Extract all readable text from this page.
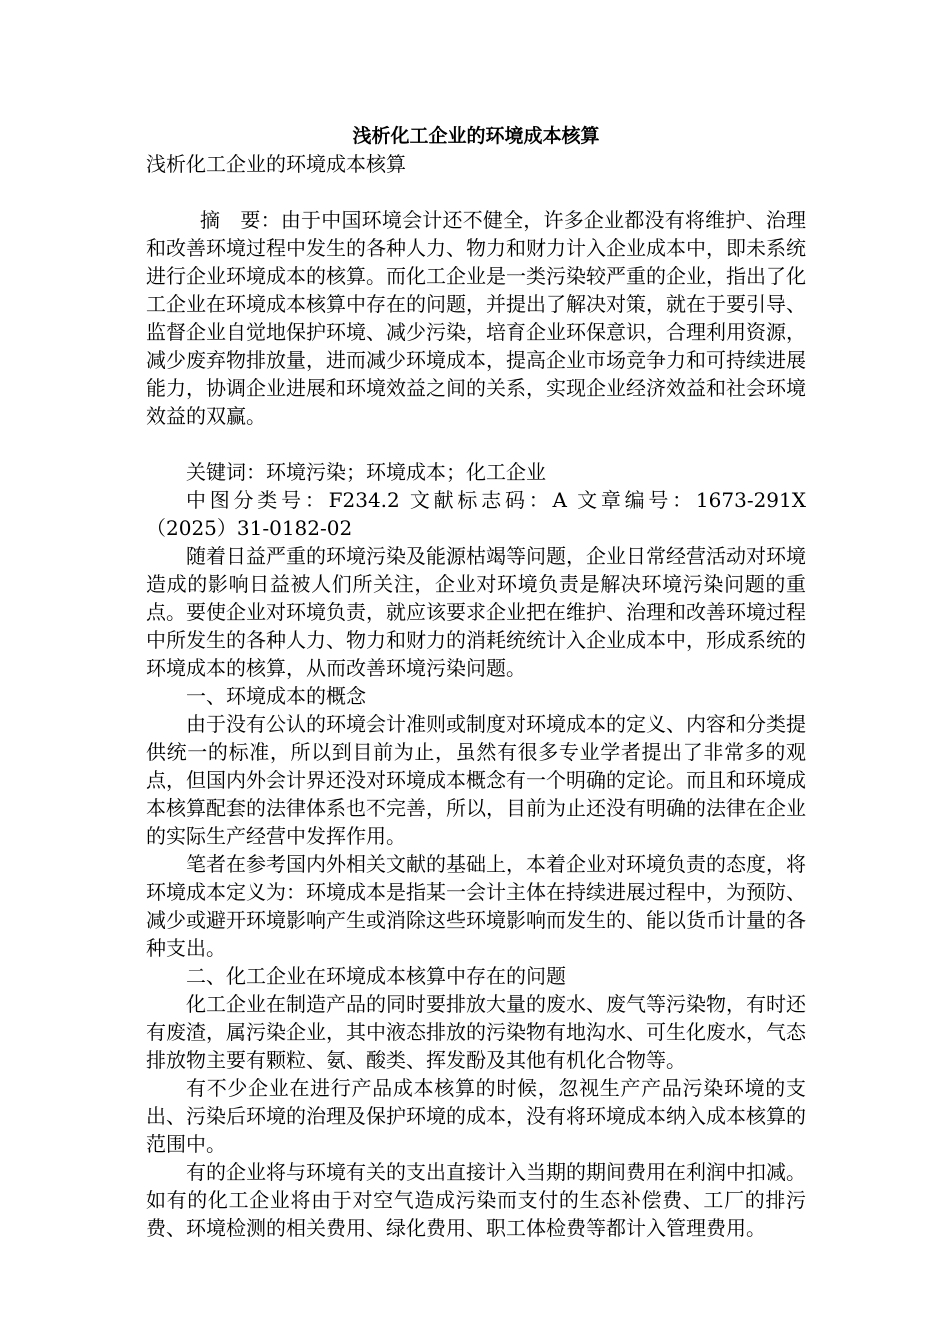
浅析化工企业的环境成本核算

浅析化工企业的环境成本核算

摘　要：由于中国环境会计还不健全，许多企业都没有将维护、治理和改善环境过程中发生的各种人力、物力和财力计入企业成本中，即未系统进行企业环境成本的核算。而化工企业是一类污染较严重的企业，指出了化工企业在环境成本核算中存在的问题，并提出了解决对策，就在于要引导、监督企业自觉地保护环境、减少污染，培育企业环保意识，合理利用资源，减少废弃物排放量，进而减少环境成本，提高企业市场竞争力和可持续进展能力，协调企业进展和环境效益之间的关系，实现企业经济效益和社会环境效益的双赢。

关键词：环境污染；环境成本；化工企业

中图分类号：F234.2 文献标志码：A 文章编号：1673-291X（2025）31-0182-02

随着日益严重的环境污染及能源枯竭等问题，企业日常经营活动对环境造成的影响日益被人们所关注，企业对环境负责是解决环境污染问题的重点。要使企业对环境负责，就应该要求企业把在维护、治理和改善环境过程中所发生的各种人力、物力和财力的消耗统统计入企业成本中，形成系统的环境成本的核算，从而改善环境污染问题。

一、环境成本的概念

由于没有公认的环境会计准则或制度对环境成本的定义、内容和分类提供统一的标准，所以到目前为止，虽然有很多专业学者提出了非常多的观点，但国内外会计界还没对环境成本概念有一个明确的定论。而且和环境成本核算配套的法律体系也不完善，所以，目前为止还没有明确的法律在企业的实际生产经营中发挥作用。

笔者在参考国内外相关文献的基础上，本着企业对环境负责的态度，将环境成本定义为：环境成本是指某一会计主体在持续进展过程中，为预防、减少或避开环境影响产生或消除这些环境影响而发生的、能以货币计量的各种支出。

二、化工企业在环境成本核算中存在的问题

化工企业在制造产品的同时要排放大量的废水、废气等污染物，有时还有废渣，属污染企业，其中液态排放的污染物有地沟水、可生化废水，气态排放物主要有颗粒、氨、酸类、挥发酚及其他有机化合物等。

有不少企业在进行产品成本核算的时候，忽视生产产品污染环境的支出、污染后环境的治理及保护环境的成本，没有将环境成本纳入成本核算的范围中。

有的企业将与环境有关的支出直接计入当期的期间费用在利润中扣减。如有的化工企业将由于对空气造成污染而支付的生态补偿费、工厂的排污费、环境检测的相关费用、绿化费用、职工体检费等都计入管理费用。
